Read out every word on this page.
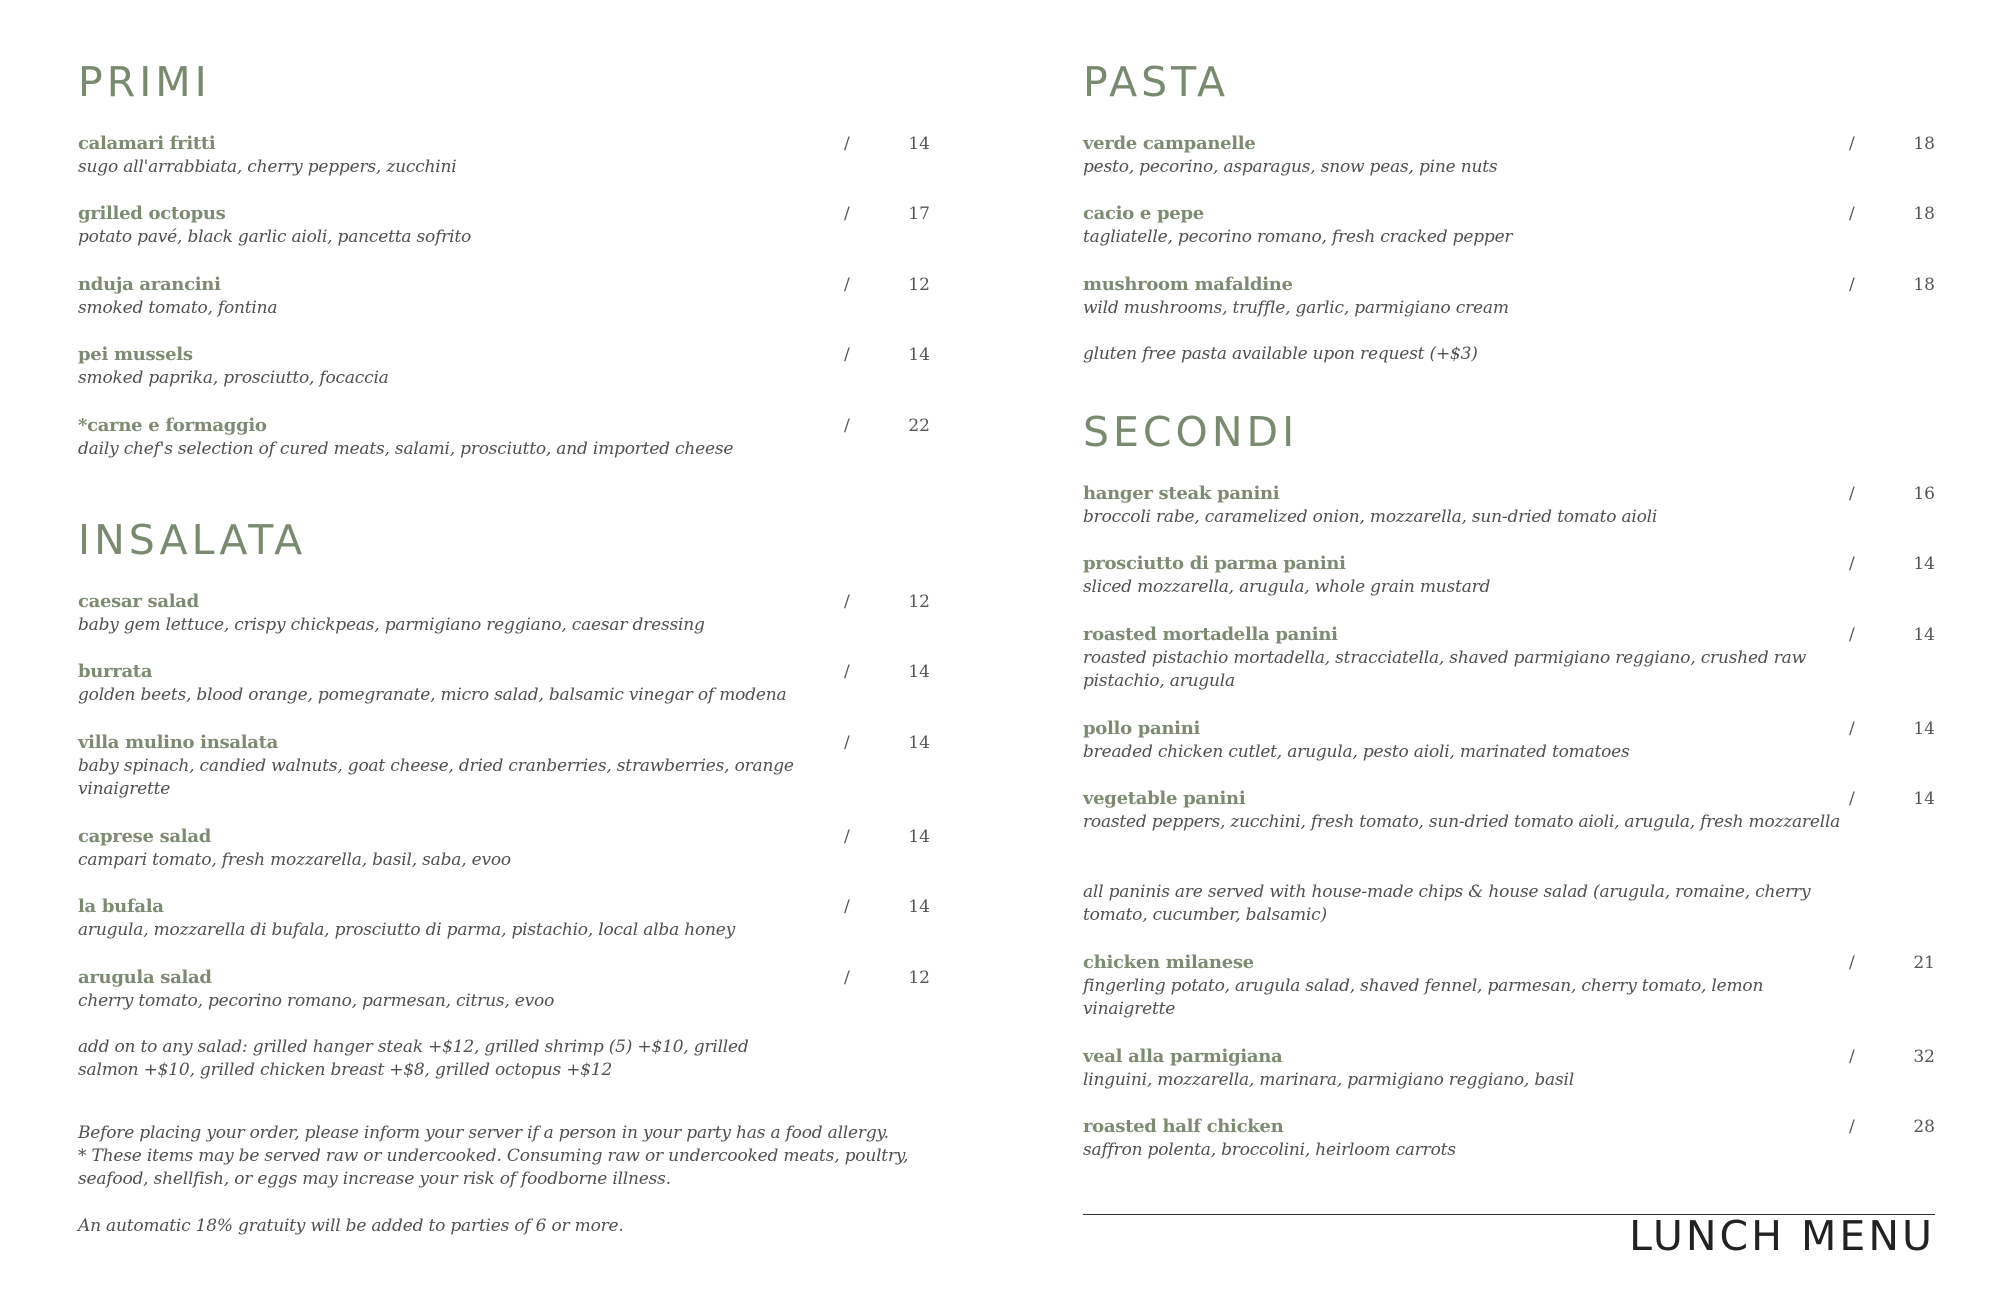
PRIMI
calamari fritti	/	14
sugo all'arrabbiata, cherry peppers, zucchini
grilled octopus	/	17
potato pavé, black garlic aioli, pancetta sofrito
nduja arancini	/	12
smoked tomato, fontina
pei mussels	/	14
smoked paprika, prosciutto, focaccia
*carne e formaggio	/	22
daily chef's selection of cured meats, salami, prosciutto, and imported cheese
INSALATA
caesar salad	/	12
baby gem lettuce, crispy chickpeas, parmigiano reggiano, caesar dressing
burrata	/	14
golden beets, blood orange, pomegranate, micro salad, balsamic vinegar of modena
villa mulino insalata	/	14
baby spinach, candied walnuts, goat cheese, dried cranberries, strawberries, orange vinaigrette
caprese salad	/	14
campari tomato, fresh mozzarella, basil, saba, evoo
la bufala	/	14
arugula, mozzarella di bufala, prosciutto di parma, pistachio, local alba honey
arugula salad	/	12
cherry tomato, pecorino romano, parmesan, citrus, evoo
add on to any salad: grilled hanger steak +$12, grilled shrimp (5) +$10, grilled
salmon +$10, grilled chicken breast +$8, grilled octopus +$12
Before placing your order, please inform your server if a person in your party has a food allergy.
* These items may be served raw or undercooked. Consuming raw or undercooked meats, poultry,
seafood, shellfish, or eggs may increase your risk of foodborne illness.
An automatic 18% gratuity will be added to parties of 6 or more.
PASTA
verde campanelle	/	18
pesto, pecorino, asparagus, snow peas, pine nuts
cacio e pepe	/	18
tagliatelle, pecorino romano, fresh cracked pepper
mushroom mafaldine	/	18
wild mushrooms, truffle, garlic, parmigiano cream
gluten free pasta available upon request (+$3)
SECONDI
hanger steak panini	/	16
broccoli rabe, caramelized onion, mozzarella, sun-dried tomato aioli
prosciutto di parma panini	/	14
sliced mozzarella, arugula, whole grain mustard
roasted mortadella panini	/	14
roasted pistachio mortadella, stracciatella, shaved parmigiano reggiano, crushed raw pistachio, arugula
pollo panini	/	14
breaded chicken cutlet, arugula, pesto aioli, marinated tomatoes
vegetable panini	/	14
roasted peppers, zucchini, fresh tomato, sun-dried tomato aioli, arugula, fresh mozzarella
all paninis are served with house-made chips & house salad (arugula, romaine, cherry
tomato, cucumber, balsamic)
chicken milanese	/	21
fingerling potato, arugula salad, shaved fennel, parmesan, cherry tomato, lemon vinaigrette
veal alla parmigiana	/	32
linguini, mozzarella, marinara, parmigiano reggiano, basil
roasted half chicken	/	28
saffron polenta, broccolini, heirloom carrots
LUNCH MENU
